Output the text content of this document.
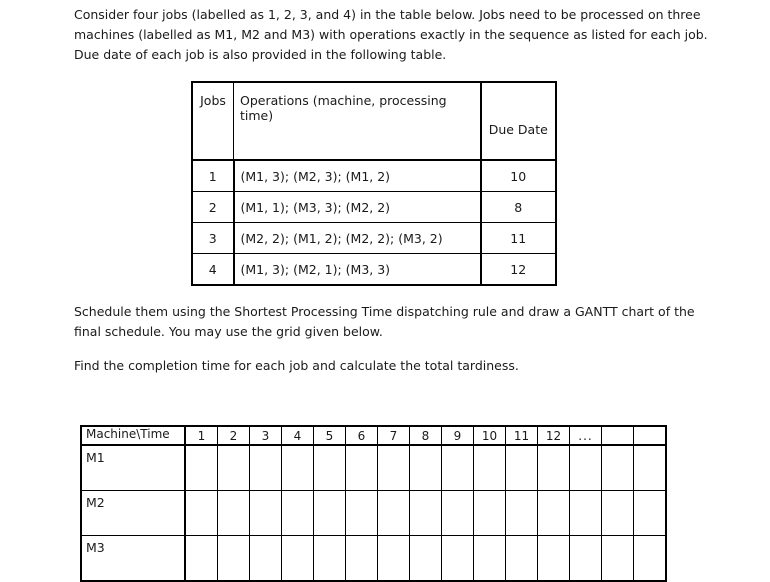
Consider four jobs (labelled as 1, 2, 3, and 4) in the table below. Jobs need to be processed on three machines (labelled as M1, M2 and M3) with operations exactly in the sequence as listed for each job. Due date of each job is also provided in the following table.

Jobs	Operations (machine, processing time)	Due Date
1	(M1, 3); (M2, 3); (M1, 2)	10
2	(M1, 1); (M3, 3); (M2, 2)	8
3	(M2, 2); (M1, 2); (M2, 2); (M3, 2)	11
4	(M1, 3); (M2, 1); (M3, 3)	12

Schedule them using the Shortest Processing Time dispatching rule and draw a GANTT chart of the final schedule. You may use the grid given below.

Find the completion time for each job and calculate the total tardiness.

Machine\Time	1	2	3	4	5	6	7	8	9	10	11	12	...		
M1															
M2															
M3															
